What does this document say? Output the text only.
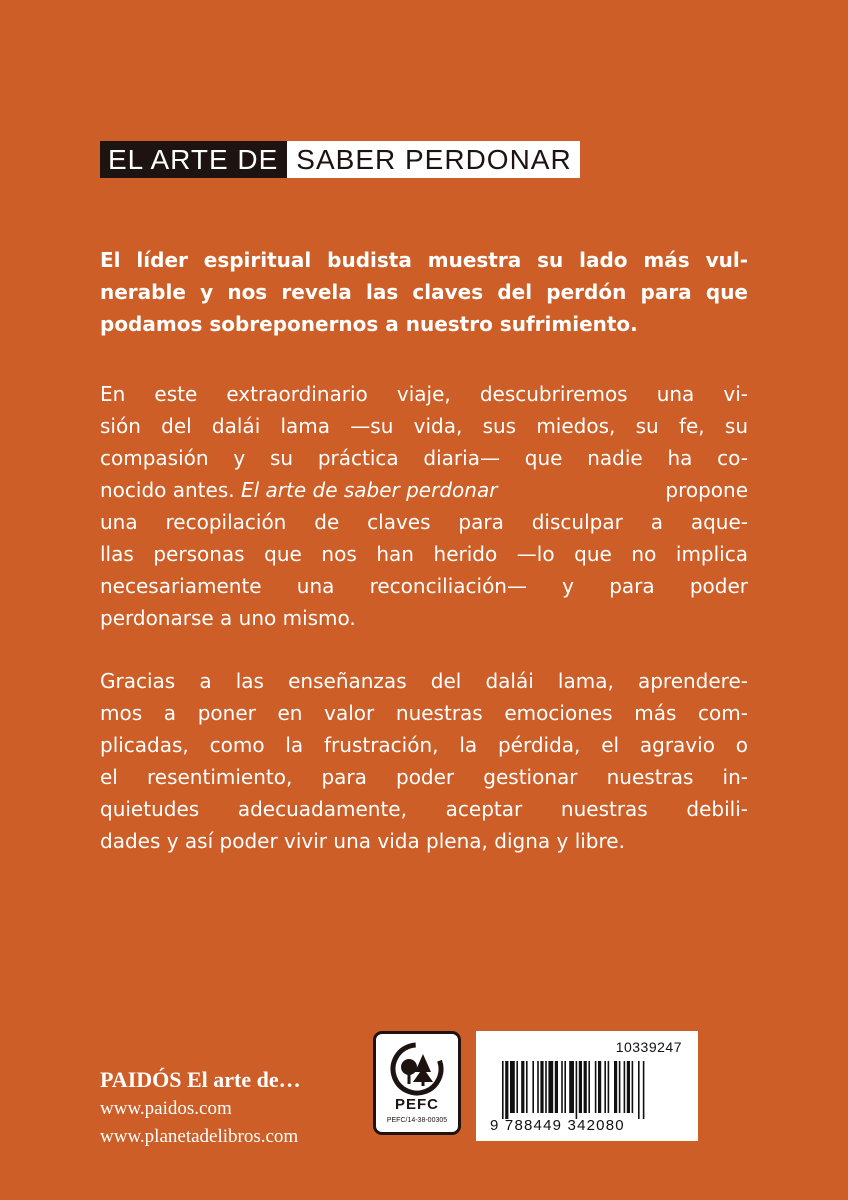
EL ARTE DE SABER PERDONAR
El líder espiritual budista muestra su lado más vul-
nerable y nos revela las claves del perdón para que
podamos sobreponernos a nuestro sufrimiento.
En este extraordinario viaje, descubriremos una vi-
sión del dalái lama —su vida, sus miedos, su fe, su
compasión y su práctica diaria— que nadie ha co-
nocido antes. El arte de saber perdonar	propone
una recopilación de claves para disculpar a aque-
llas personas que nos han herido —lo que no implica
necesariamente una reconciliación— y para poder
perdonarse a uno mismo.
Gracias a las enseñanzas del dalái lama, aprendere-
mos a poner en valor nuestras emociones más com-
plicadas, como la frustración, la pérdida, el agravio o
el resentimiento, para poder gestionar nuestras in-
quietudes adecuadamente, aceptar nuestras debili-
dades y así poder vivir una vida plena, digna y libre.
PAIDÓS El arte de…
www.paidos.com
www.planetadelibros.com
PEFC
PEFC/14-38-00305
10339247
9 788449 342080
